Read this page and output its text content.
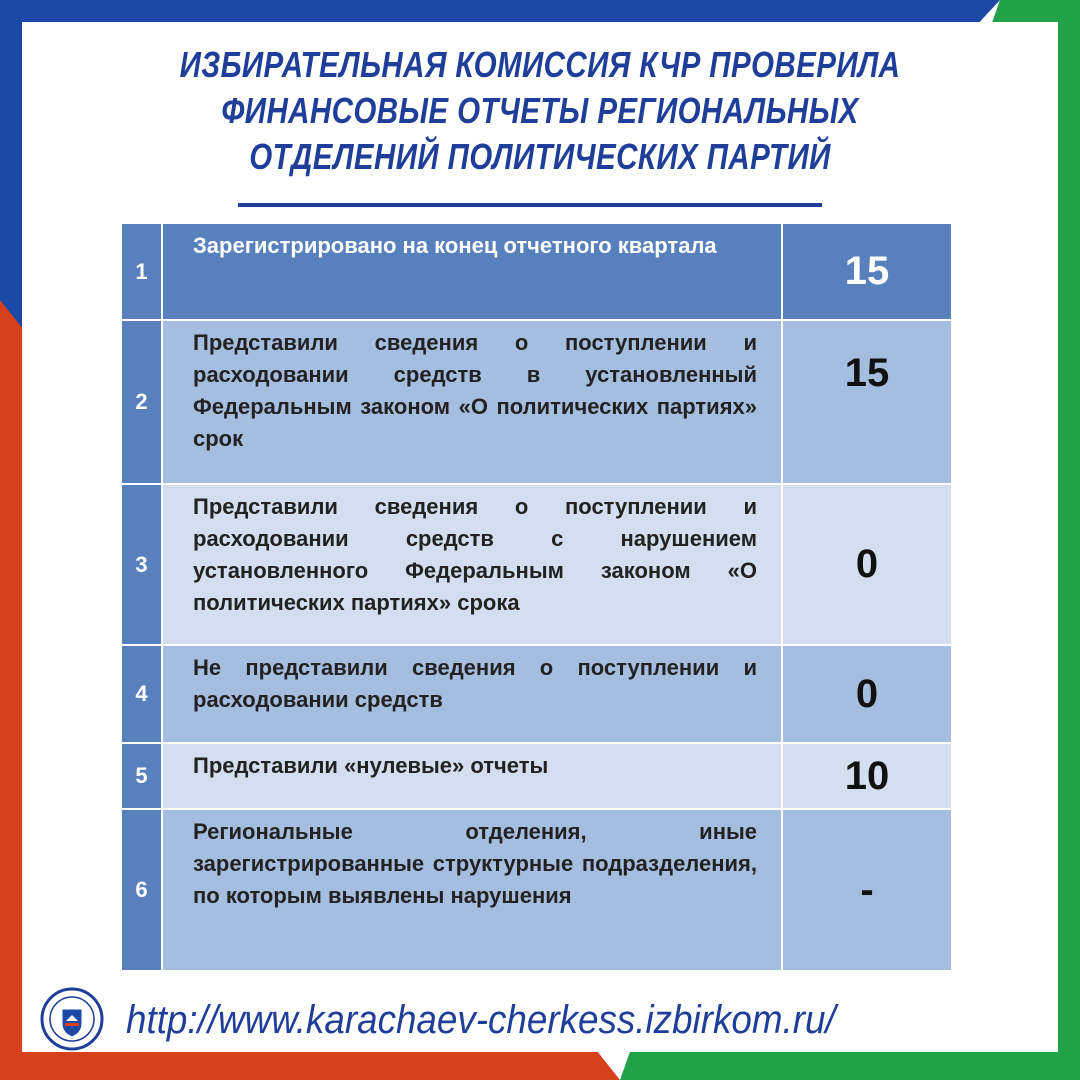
ИЗБИРАТЕЛЬНАЯ КОМИССИЯ КЧР ПРОВЕРИЛА
ФИНАНСОВЫЕ ОТЧЕТЫ РЕГИОНАЛЬНЫХ
ОТДЕЛЕНИЙ ПОЛИТИЧЕСКИХ ПАРТИЙ
1	Зарегистрировано на конец отчетного квартала	15
2	Представили сведения о поступлении и расходовании средств в установленный Федеральным законом «О политических партиях» срок	15
3	Представили сведения о поступлении и расходовании средств с нарушением установленного Федеральным законом «О политических партиях» срока	0
4	Не представили сведения о поступлении и расходовании средств	0
5	Представили «нулевые» отчеты	10
6	Региональные отделения, иные зарегистрированные структурные подразделения, по которым выявлены нарушения	-
http://www.karachaev-cherkess.izbirkom.ru/
